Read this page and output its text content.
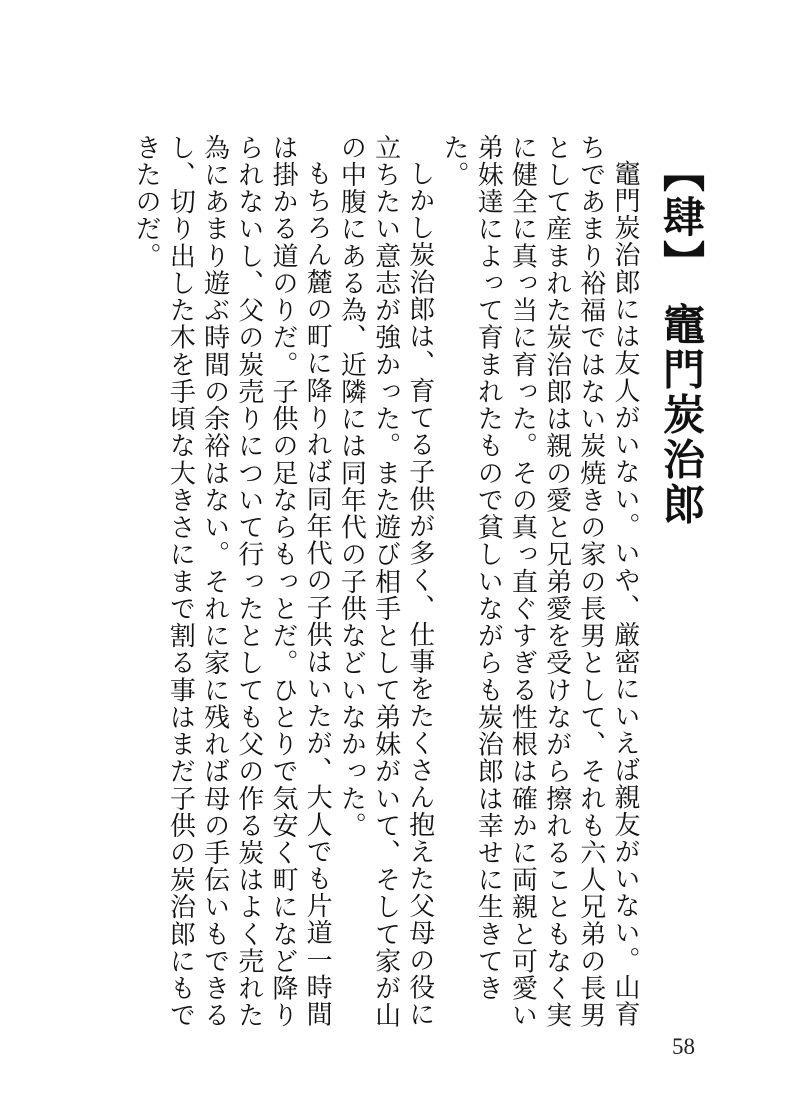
【肆】 竈門炭治郎

竈門炭治郎には友人がいない。いや、厳密にいえば親友がいない。山育ちであまり裕福ではない炭焼きの家の長男として、それも六人兄弟の長男として産まれた炭治郎は親の愛と兄弟愛を受けながら擦れることもなく実に健全に真っ当に育った。その真っ直ぐすぎる性根は確かに両親と可愛い弟妹達によって育まれたもので貧しいながらも炭治郎は幸せに生きてきた。

しかし炭治郎は、育てる子供が多く、仕事をたくさん抱えた父母の役に立ちたい意志が強かった。また遊び相手として弟妹がいて、そして家が山の中腹にある為、近隣には同年代の子供などいなかった。

もちろん麓の町に降りれば同年代の子供はいたが、大人でも片道一時間は掛かる道のりだ。子供の足ならもっとだ。ひとりで気安く町になど降りられないし、父の炭売りについて行ったとしても父の作る炭はよく売れた為にあまり遊ぶ時間の余裕はない。それに家に残れば母の手伝いもできるし、切り出した木を手頃な大きさにまで割る事はまだ子供の炭治郎にもできたのだ。

58
